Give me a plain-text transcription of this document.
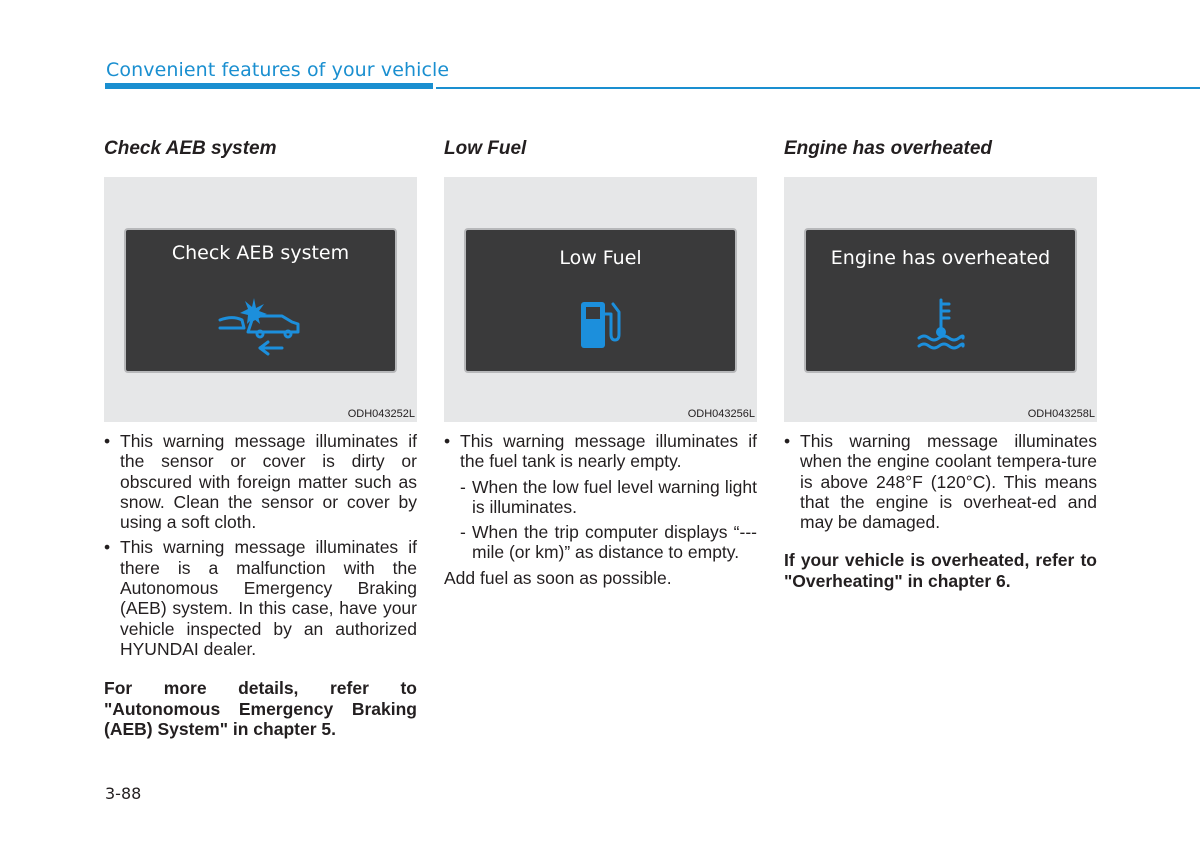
Convenient features of your vehicle
Check AEB system
Check AEB system
ODH043252L
• This warning message illuminates if the sensor or cover is dirty or obscured with foreign matter such as snow. Clean the sensor or cover by using a soft cloth.
• This warning message illuminates if there is a malfunction with the Autonomous Emergency Braking (AEB) system. In this case, have your vehicle inspected by an authorized HYUNDAI dealer.
For more details, refer to "Autonomous Emergency Braking (AEB) System" in chapter 5.
Low Fuel
Low Fuel
ODH043256L
• This warning message illuminates if the fuel tank is nearly empty.
- When the low fuel level warning light is illuminates.
- When the trip computer displays “--- mile (or km)” as distance to empty.
Add fuel as soon as possible.
Engine has overheated
Engine has overheated
ODH043258L
• This warning message illuminates when the engine coolant tempera-ture is above 248°F (120°C). This means that the engine is overheat-ed and may be damaged.
If your vehicle is overheated, refer to "Overheating" in chapter 6.
3-88
